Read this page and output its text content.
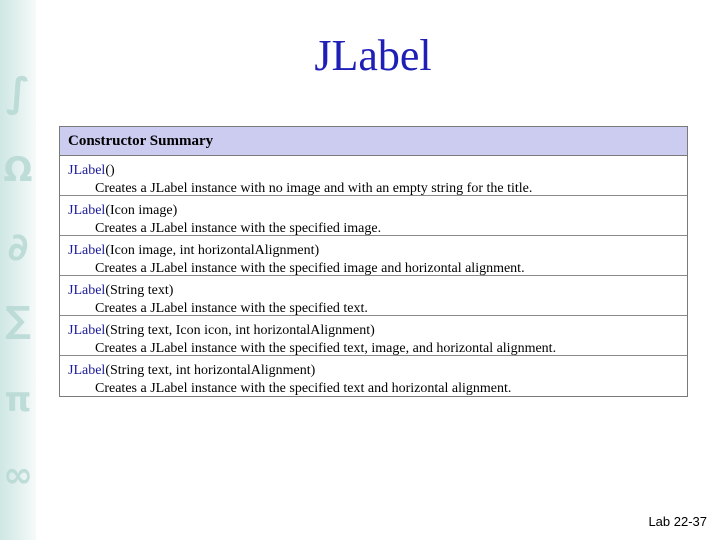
∫
Ω
∂
∑
π
∞
JLabel
Constructor Summary
JLabel()
Creates a JLabel instance with no image and with an empty string for the title.
JLabel(Icon image)
Creates a JLabel instance with the specified image.
JLabel(Icon image, int horizontalAlignment)
Creates a JLabel instance with the specified image and horizontal alignment.
JLabel(String text)
Creates a JLabel instance with the specified text.
JLabel(String text, Icon icon, int horizontalAlignment)
Creates a JLabel instance with the specified text, image, and horizontal alignment.
JLabel(String text, int horizontalAlignment)
Creates a JLabel instance with the specified text and horizontal alignment.
Lab 22-37
